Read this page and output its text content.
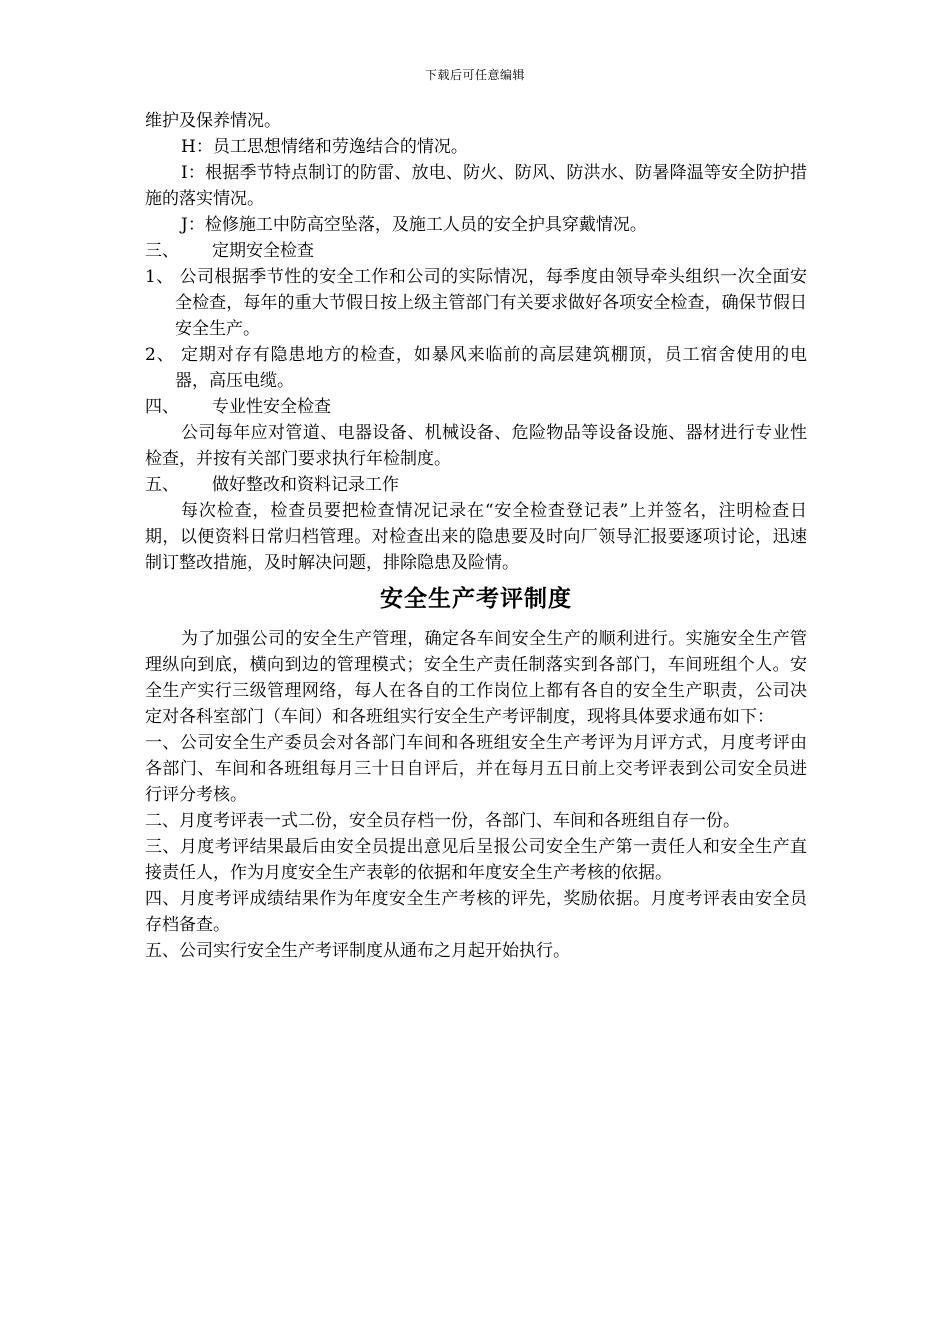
下载后可任意编辑

维护及保养情况。

H：员工思想情绪和劳逸结合的情况。

I：根据季节特点制订的防雷、放电、防火、防风、防洪水、防暑降温等安全防护措施的落实情况。

J：检修施工中防高空坠落，及施工人员的安全护具穿戴情况。

三、	定期安全检查

1、 公司根据季节性的安全工作和公司的实际情况，每季度由领导牵头组织一次全面安全检查，每年的重大节假日按上级主管部门有关要求做好各项安全检查，确保节假日安全生产。

2、 定期对存有隐患地方的检查，如暴风来临前的高层建筑棚顶，员工宿舍使用的电器，高压电缆。

四、	专业性安全检查

公司每年应对管道、电器设备、机械设备、危险物品等设备设施、器材进行专业性检查，并按有关部门要求执行年检制度。

五、	做好整改和资料记录工作

每次检查，检查员要把检查情况记录在“安全检查登记表”上并签名，注明检查日期，以便资料日常归档管理。对检查出来的隐患要及时向厂领导汇报要逐项讨论，迅速制订整改措施，及时解决问题，排除隐患及险情。

安全生产考评制度

为了加强公司的安全生产管理，确定各车间安全生产的顺利进行。实施安全生产管理纵向到底，横向到边的管理模式；安全生产责任制落实到各部门，车间班组个人。安全生产实行三级管理网络，每人在各自的工作岗位上都有各自的安全生产职责，公司决定对各科室部门（车间）和各班组实行安全生产考评制度，现将具体要求通布如下：

一、公司安全生产委员会对各部门车间和各班组安全生产考评为月评方式，月度考评由各部门、车间和各班组每月三十日自评后，并在每月五日前上交考评表到公司安全员进行评分考核。

二、月度考评表一式二份，安全员存档一份，各部门、车间和各班组自存一份。

三、月度考评结果最后由安全员提出意见后呈报公司安全生产第一责任人和安全生产直接责任人，作为月度安全生产表彰的依据和年度安全生产考核的依据。

四、月度考评成绩结果作为年度安全生产考核的评先，奖励依据。月度考评表由安全员存档备查。

五、公司实行安全生产考评制度从通布之月起开始执行。
